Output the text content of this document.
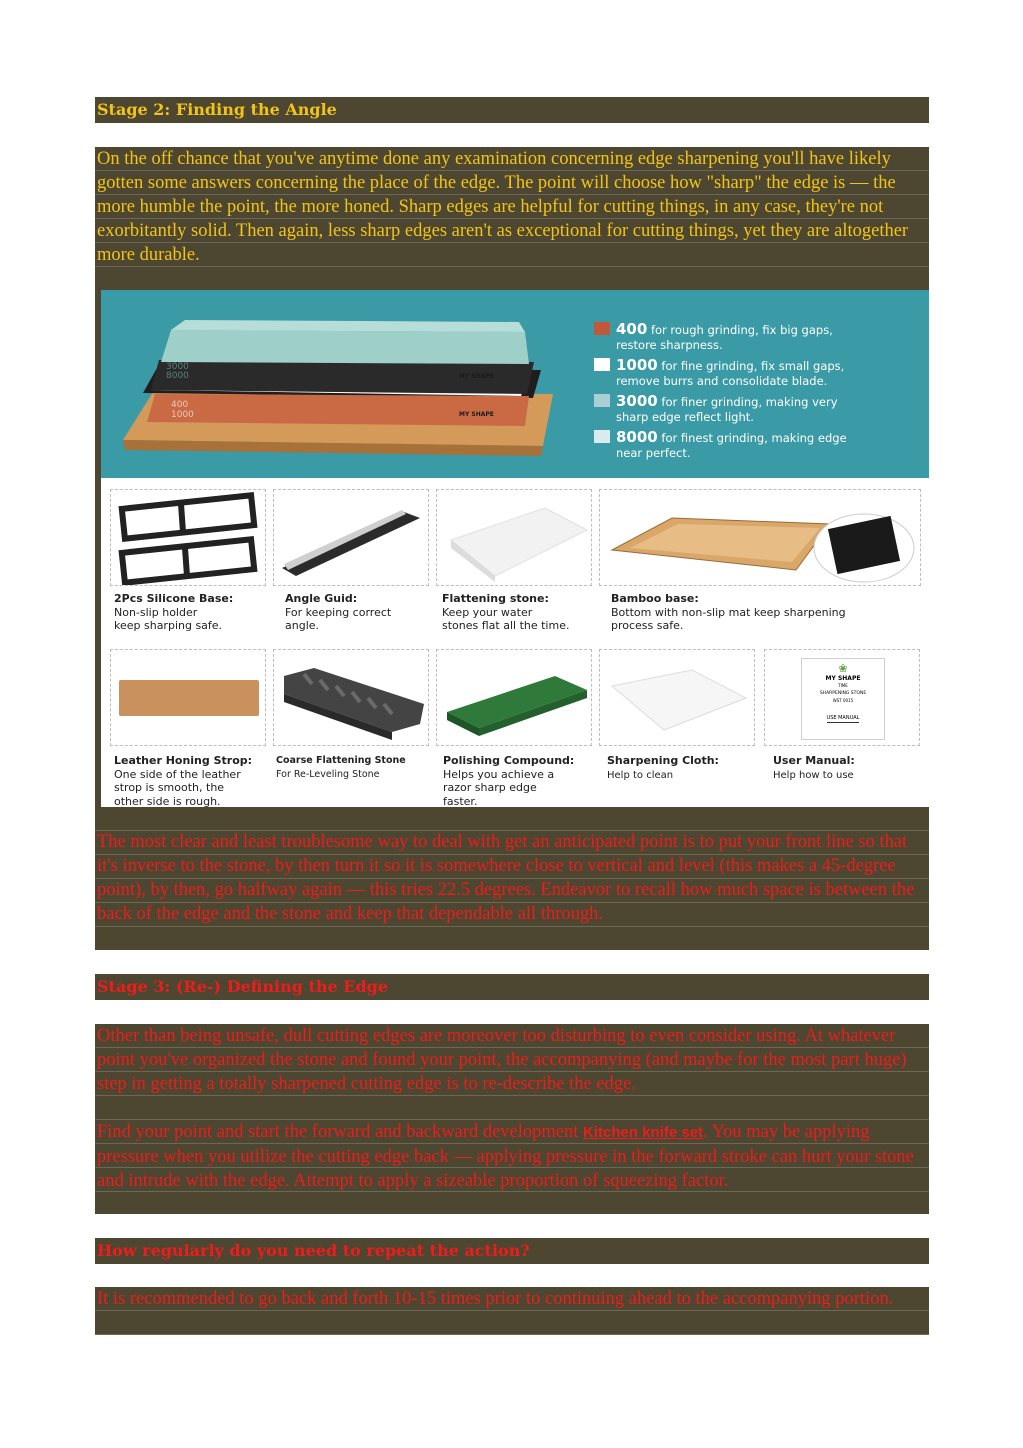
Stage 2: Finding the Angle
On the off chance that you've anytime done any examination concerning edge sharpening you'll have likely gotten some answers concerning the place of the edge. The point will choose how "sharp" the edge is — the more humble the point, the more honed. Sharp edges are helpful for cutting things, in any case, they're not exorbitantly solid. Then again, less sharp edges aren't as exceptional for cutting things, yet they are altogether more durable.
3000
8000
400
1000
MY SHAPE
MY SHAPE
400 for rough grinding, fix big gaps,
restore sharpness.
1000 for fine grinding, fix small gaps,
remove burrs and consolidate blade.
3000 for finer grinding, making very
sharp edge reflect light.
8000 for finest grinding, making edge
near perfect.
2Pcs Silicone Base:
Non-slip holder
keep sharping safe.
Angle Guid:
For keeping correct
angle.
Flattening stone:
Keep your water
stones flat all the time.
Bamboo base:
Bottom with non-slip mat keep sharpening
process safe.
❀
MY SHAPE
TIME
SHARPENING STONE
WST 0015
USE MANUAL
Leather Honing Strop:
One side of the leather
strop is smooth, the
other side is rough.
Coarse Flattening Stone
For Re-Leveling Stone
Polishing Compound:
Helps you achieve a
razor sharp edge
faster.
Sharpening Cloth:
Help to clean
User Manual:
Help how to use
The most clear and least troublesome way to deal with get an anticipated point is to put your front line so that it's inverse to the stone, by then turn it so it is somewhere close to vertical and level (this makes a 45-degree point), by then, go halfway again — this tries 22.5 degrees. Endeavor to recall how much space is between the back of the edge and the stone and keep that dependable all through.
Stage 3: (Re-) Defining the Edge
Other than being unsafe, dull cutting edges are moreover too disturbing to even consider using. At whatever point you've organized the stone and found your point, the accompanying (and maybe for the most part huge) step in getting a totally sharpened cutting edge is to re-describe the edge.
Find your point and start the forward and backward development Kitchen knife set. You may be applying pressure when you utilize the cutting edge back — applying pressure in the forward stroke can hurt your stone and intrude with the edge. Attempt to apply a sizeable proportion of squeezing factor.
How regularly do you need to repeat the action?
It is recommended to go back and forth 10-15 times prior to continuing ahead to the accompanying portion.
